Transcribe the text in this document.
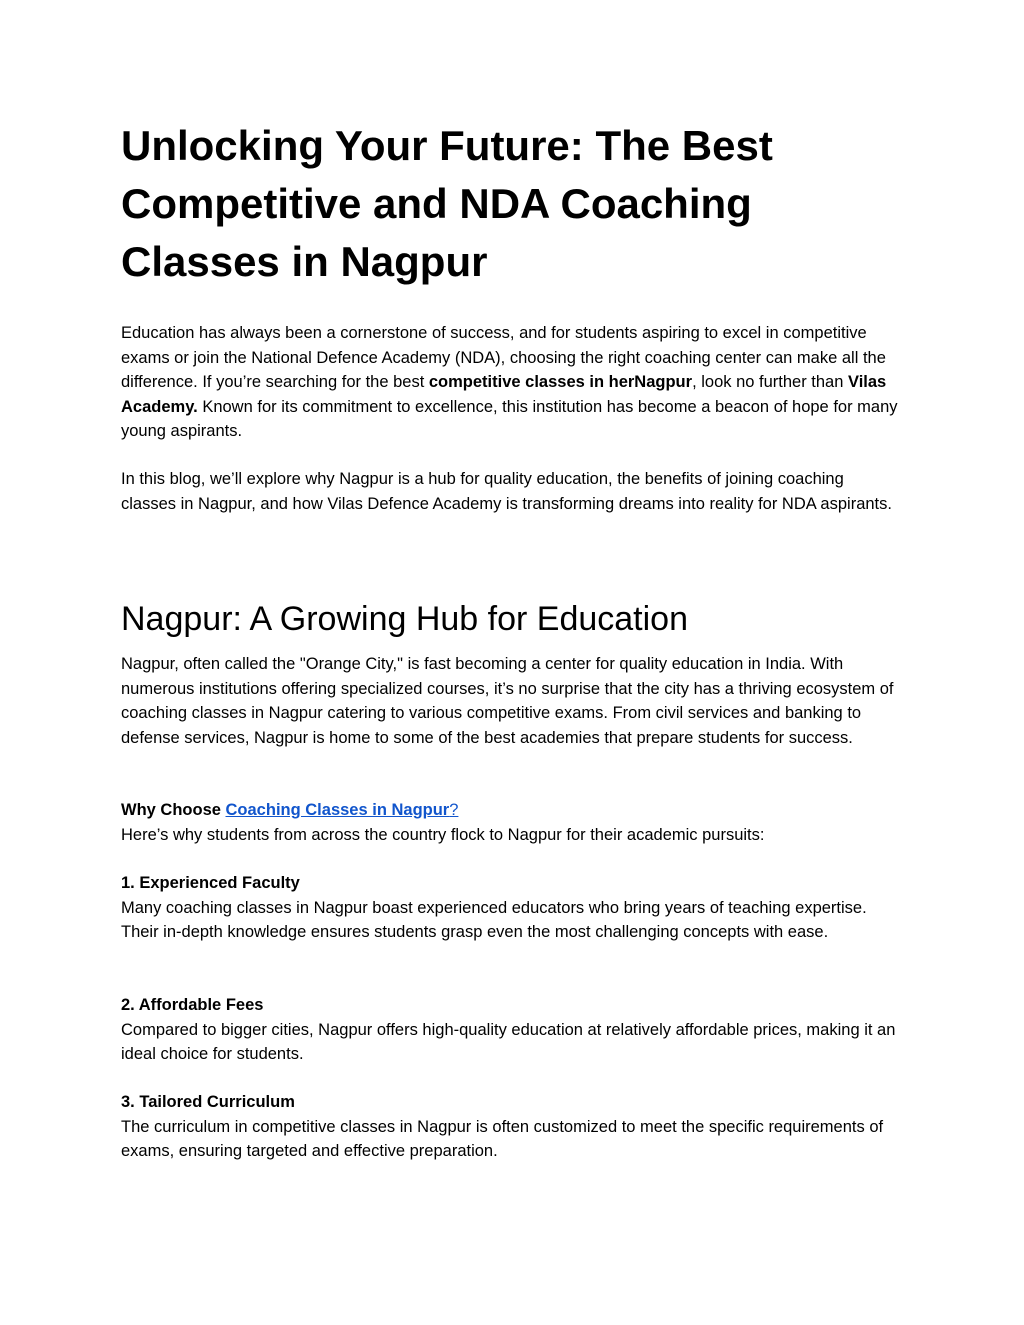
Unlocking Your Future: The Best Competitive and NDA Coaching Classes in Nagpur

Education has always been a cornerstone of success, and for students aspiring to excel in competitive exams or join the National Defence Academy (NDA), choosing the right coaching center can make all the difference. If you’re searching for the best competitive classes in herNagpur, look no further than Vilas Academy. Known for its commitment to excellence, this institution has become a beacon of hope for many young aspirants.

In this blog, we’ll explore why Nagpur is a hub for quality education, the benefits of joining coaching classes in Nagpur, and how Vilas Defence Academy is transforming dreams into reality for NDA aspirants.

Nagpur: A Growing Hub for Education

Nagpur, often called the "Orange City," is fast becoming a center for quality education in India. With numerous institutions offering specialized courses, it’s no surprise that the city has a thriving ecosystem of coaching classes in Nagpur catering to various competitive exams. From civil services and banking to defense services, Nagpur is home to some of the best academies that prepare students for success.

Why Choose Coaching Classes in Nagpur?
Here’s why students from across the country flock to Nagpur for their academic pursuits:

1. Experienced Faculty
Many coaching classes in Nagpur boast experienced educators who bring years of teaching expertise. Their in-depth knowledge ensures students grasp even the most challenging concepts with ease.

2. Affordable Fees
Compared to bigger cities, Nagpur offers high-quality education at relatively affordable prices, making it an ideal choice for students.

3. Tailored Curriculum
The curriculum in competitive classes in Nagpur is often customized to meet the specific requirements of exams, ensuring targeted and effective preparation.
